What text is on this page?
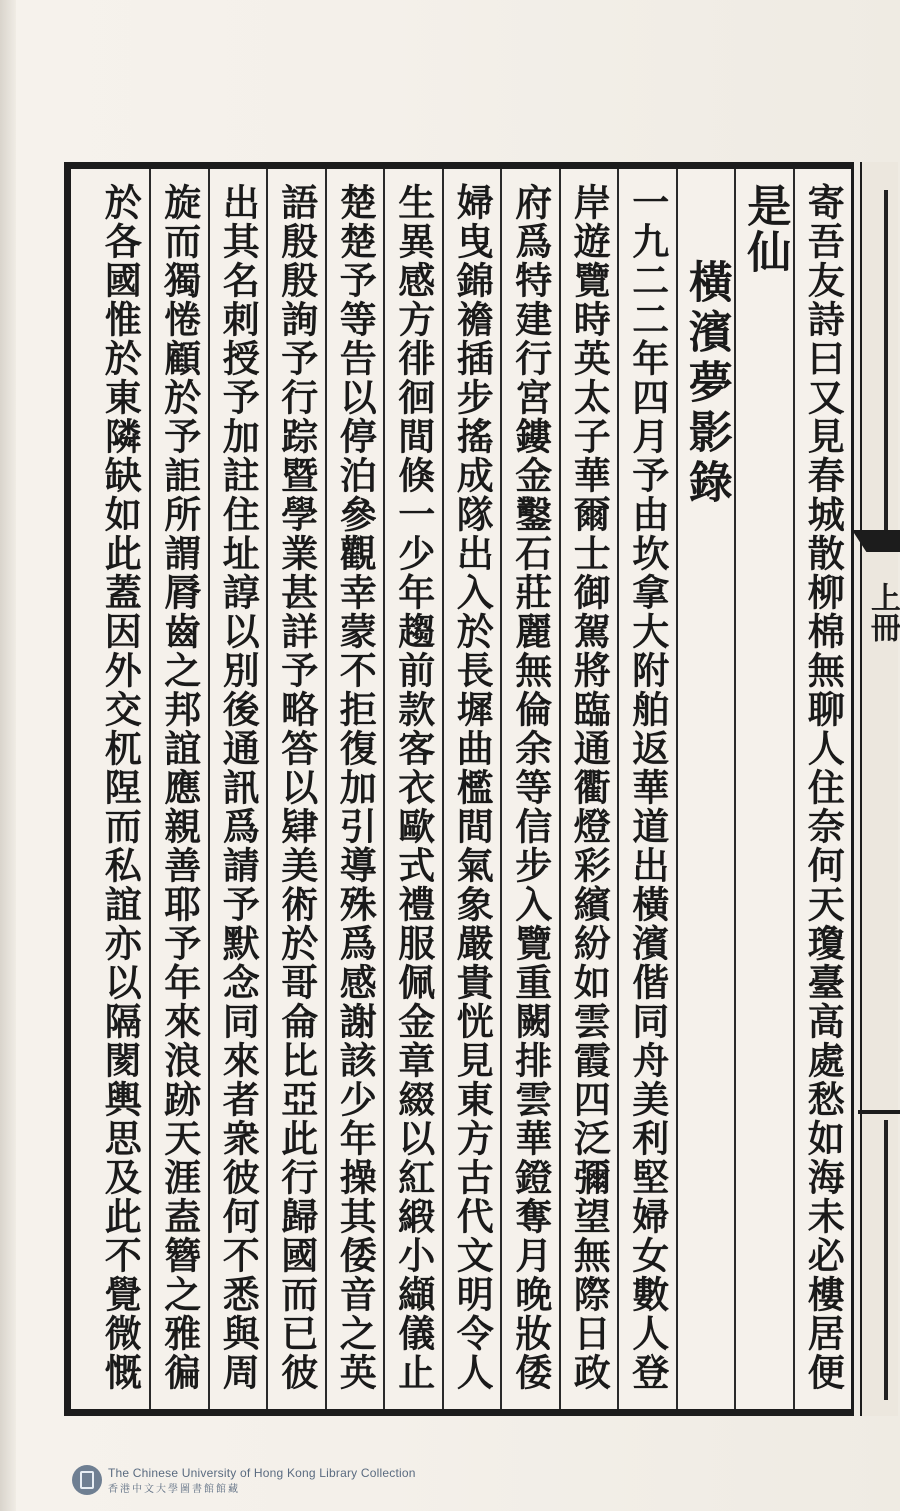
寄吾友詩曰又見春城散柳棉無聊人住奈何天瓊臺高處愁如海未必樓居便
是仙
橫濱夢影錄
一九二二年四月予由坎拿大附舶返華道出橫濱偕同舟美利堅婦女數人登
岸遊覽時英太子華爾士御駕將臨通衢燈彩繽紛如雲霞四泛彌望無際日政
府爲特建行宮鏤金鑿石莊麗無倫余等信步入覽重闕排雲華鐙奪月晚妝倭
婦曳錦襜插步搖成隊出入於長墀曲檻間氣象嚴貴恍見東方古代文明令人
生異感方徘徊間倏一少年趨前款客衣歐式禮服佩金章綴以紅緞小纈儀止
楚楚予等告以停泊參觀幸蒙不拒復加引導殊爲感謝該少年操其倭音之英
語殷殷詢予行踪暨學業甚詳予略答以肄美術於哥侖比亞此行歸國而已彼
出其名刺授予加註住址諄以別後通訊爲請予默念同來者衆彼何不悉與周
旋而獨惓顧於予詎所謂脣齒之邦誼應親善耶予年來浪跡天涯盍簪之雅徧
於各國惟於東隣缺如此蓋因外交杌陧而私誼亦以隔閡輿思及此不覺微慨	上冊
The Chinese University of Hong Kong Library Collection
香港中文大學圖書館館藏
